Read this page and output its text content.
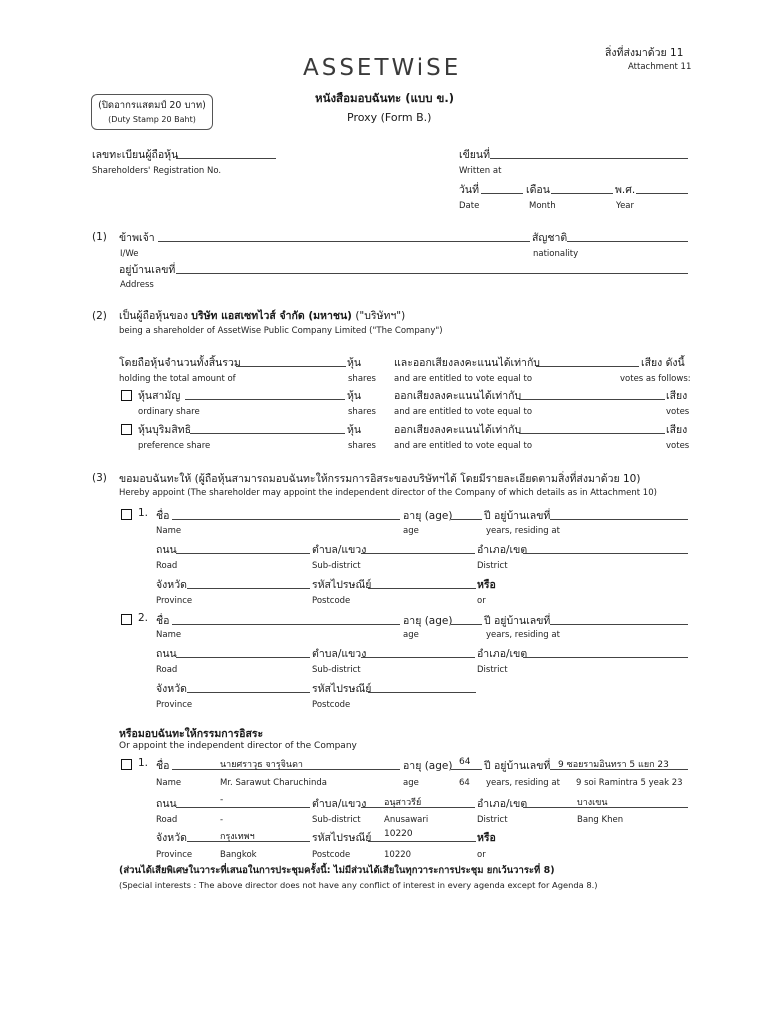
สิ่งที่ส่งมาด้วย 11
Attachment 11
ASSETWiSE
(ปิดอากรแสตมป์ 20 บาท)
(Duty Stamp 20 Baht)
หนังสือมอบฉันทะ (แบบ ข.)
Proxy (Form B.)
เลขทะเบียนผู้ถือหุ้น
Shareholders' Registration No.
เขียนที่
Written at
วันที่	เดือน	พ.ศ.
Date	Month	Year
(1) ข้าพเจ้า	สัญชาติ
I/We	nationality
อยู่บ้านเลขที่
Address
(2) เป็นผู้ถือหุ้นของ บริษัท แอสเซทไวส์ จำกัด (มหาชน) ("บริษัทฯ")
being a shareholder of AssetWise Public Company Limited ("The Company")
โดยถือหุ้นจำนวนทั้งสิ้นรวม	หุ้น	และออกเสียงลงคะแนนได้เท่ากับ	เสียง ดังนี้
holding the total amount of	shares and are entitled to vote equal to	votes as follows:
หุ้นสามัญ	หุ้น	ออกเสียงลงคะแนนได้เท่ากับ	เสียง
ordinary share	shares and are entitled to vote equal to	votes
หุ้นบุริมสิทธิ	หุ้น	ออกเสียงลงคะแนนได้เท่ากับ	เสียง
preference share	shares and are entitled to vote equal to	votes
(3) ขอมอบฉันทะให้ (ผู้ถือหุ้นสามารถมอบฉันทะให้กรรมการอิสระของบริษัทฯได้ โดยมีรายละเอียดตามสิ่งที่ส่งมาด้วย 10)
Hereby appoint (The shareholder may appoint the independent director of the Company of which details as in Attachment 10)
1. ชื่อ	อายุ (age)	ปี อยู่บ้านเลขที่
Name	age	years, residing at
ถนน	ตำบล/แขวง	อำเภอ/เขต
Road	Sub-district	District
จังหวัด	รหัสไปรษณีย์	หรือ
Province	Postcode	or
2. ชื่อ	อายุ (age)	ปี อยู่บ้านเลขที่
Name	age	years, residing at
ถนน	ตำบล/แขวง	อำเภอ/เขต
Road	Sub-district	District
จังหวัด	รหัสไปรษณีย์
Province	Postcode
หรือมอบฉันทะให้กรรมการอิสระ
Or appoint the independent director of the Company
1. ชื่อ	นายศราวุธ จารุจินดา	อายุ (age) 64 ปี อยู่บ้านเลขที่ 9 ซอยรามอินทรา 5 แยก 23
Name	Mr. Sarawut Charuchinda	age	64 years, residing at 9 soi Ramintra 5 yeak 23
ถนน	-	ตำบล/แขวง อนุสาวรีย์	อำเภอ/เขต	บางเขน
Road	-	Sub-district	Anusawari	District	Bang Khen
จังหวัด	กรุงเทพฯ	รหัสไปรษณีย์ 10220	หรือ
Province	Bangkok	Postcode	10220	or
(ส่วนได้เสียพิเศษในวาระที่เสนอในการประชุมครั้งนี้: ไม่มีส่วนได้เสียในทุกวาระการประชุม ยกเว้นวาระที่ 8)
(Special interests : The above director does not have any conflict of interest in every agenda except for Agenda 8.)
